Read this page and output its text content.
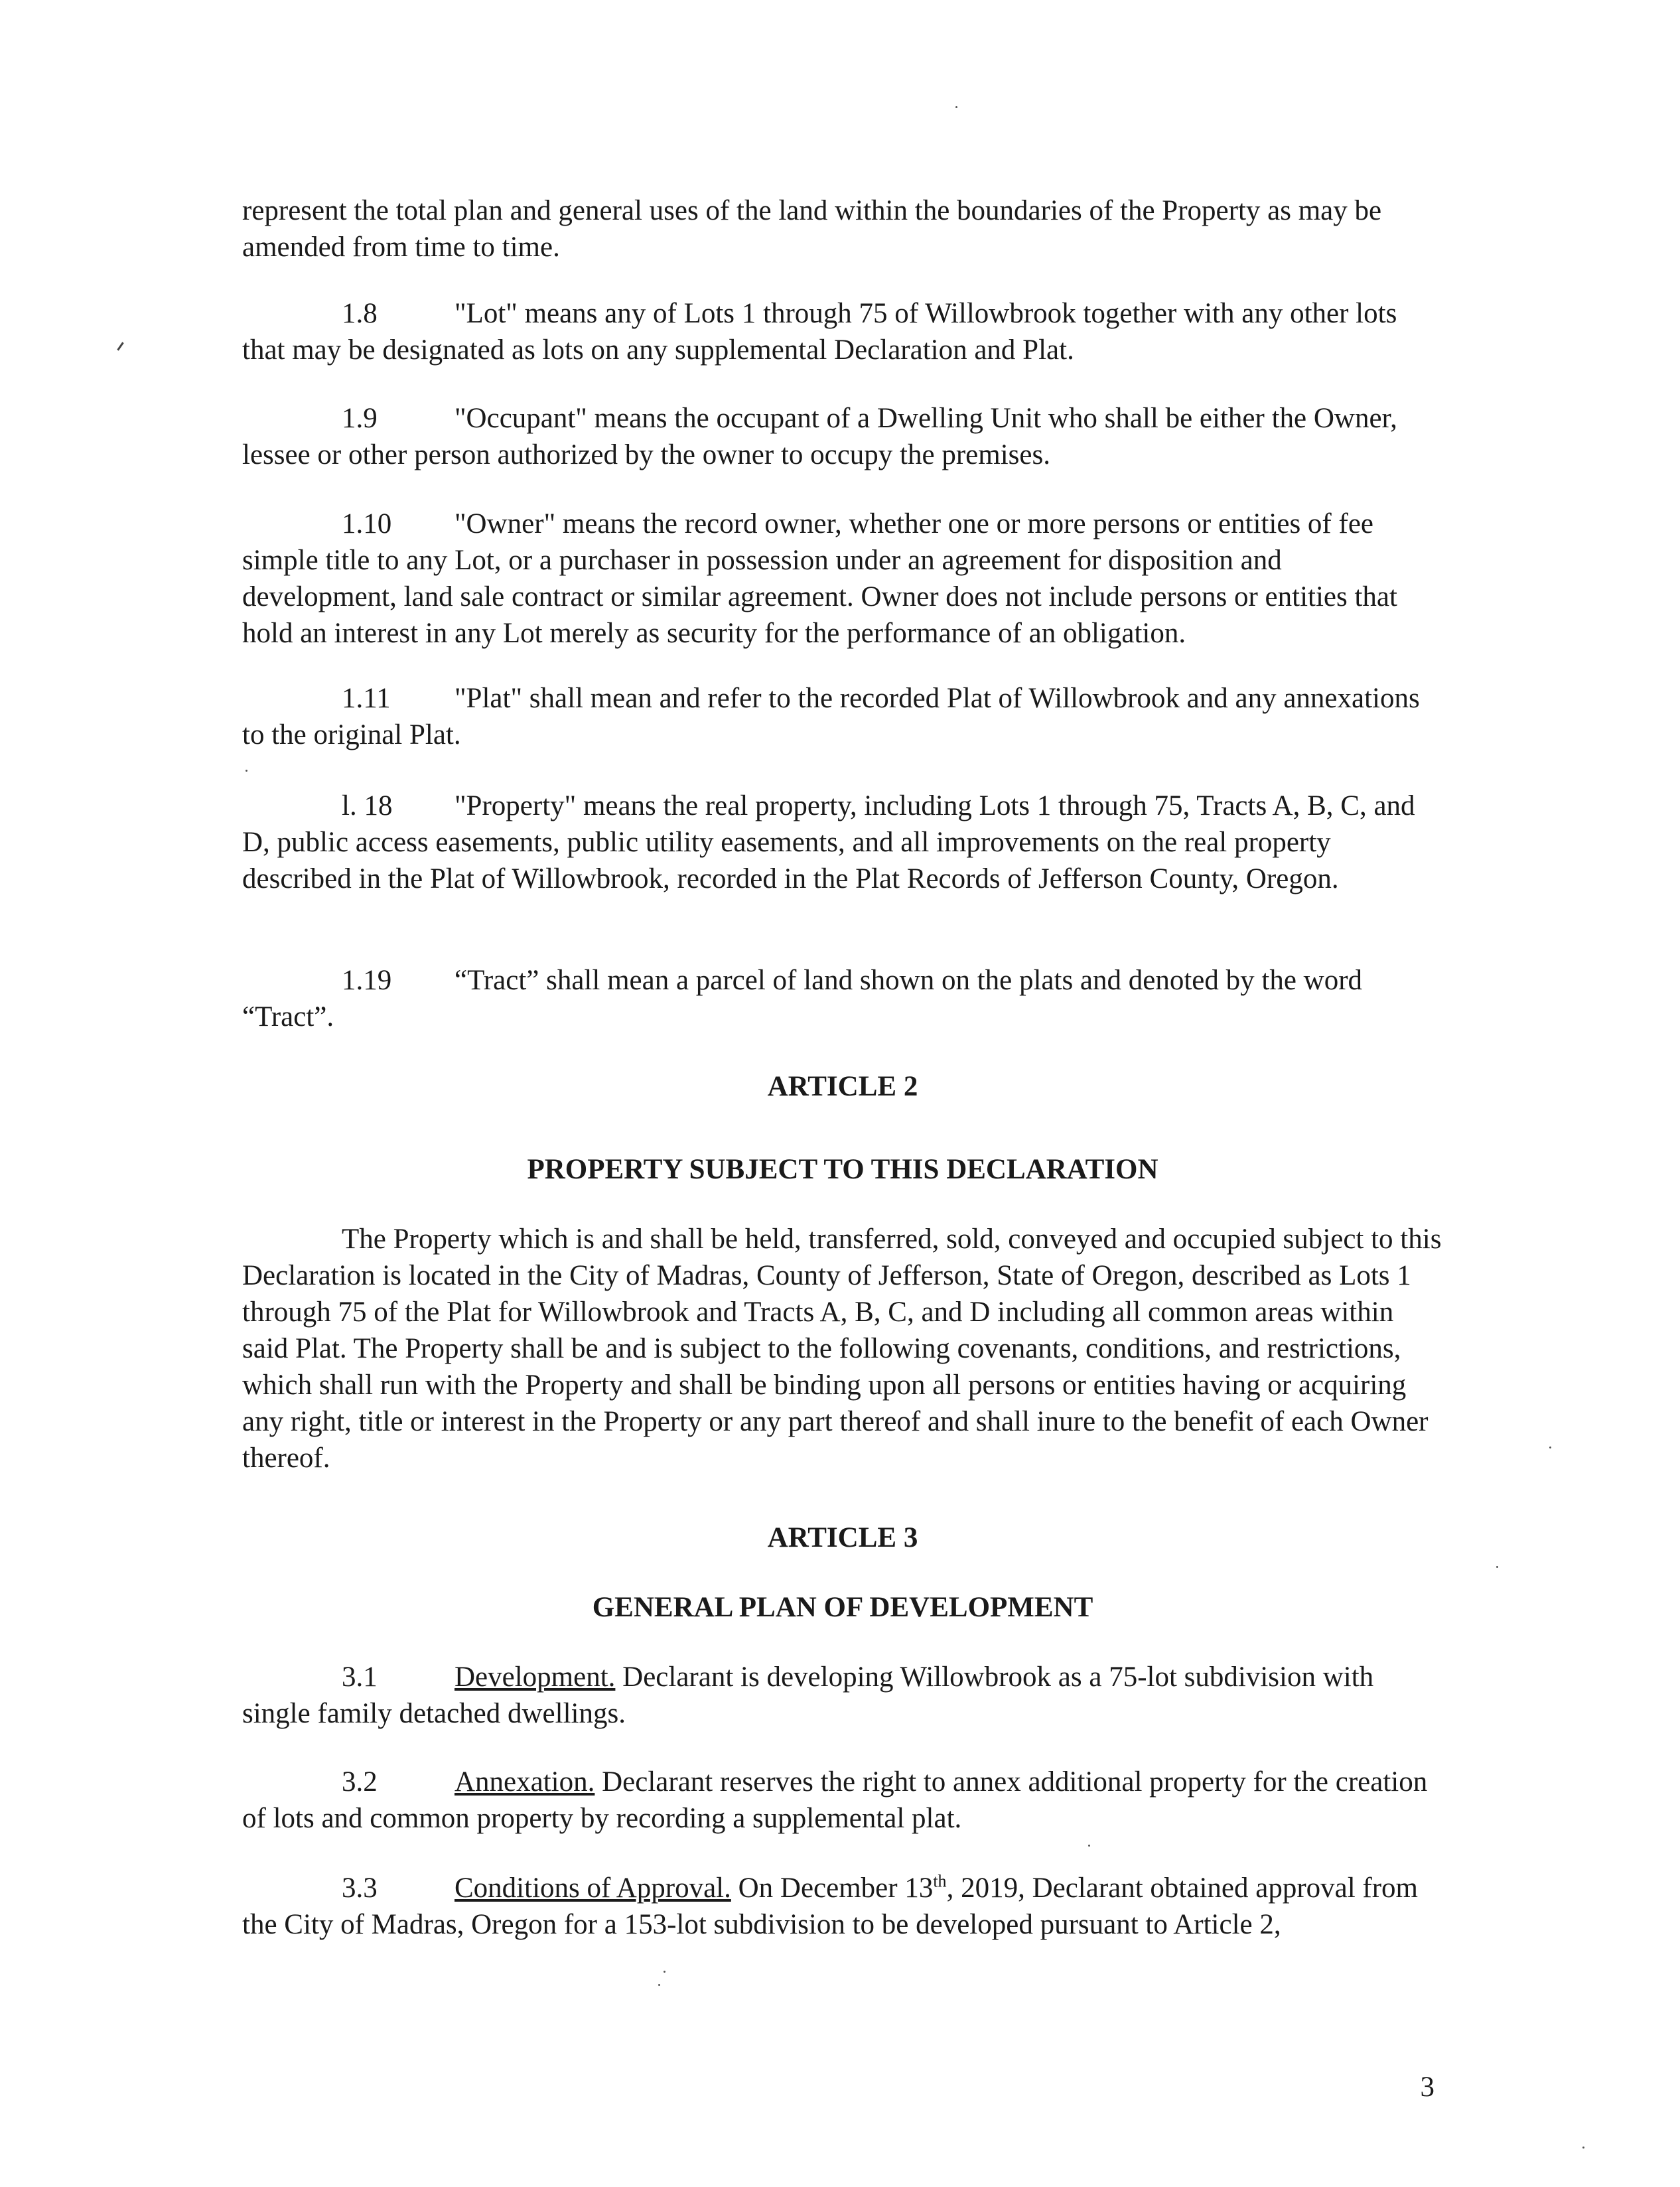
represent the total plan and general uses of the land within the boundaries of the Property as may be amended from time to time.

1.8	"Lot" means any of Lots 1 through 75 of Willowbrook together with any other lots that may be designated as lots on any supplemental Declaration and Plat.

1.9	"Occupant" means the occupant of a Dwelling Unit who shall be either the Owner, lessee or other person authorized by the owner to occupy the premises.

1.10 "Owner" means the record owner, whether one or more persons or entities of fee simple title to any Lot, or a purchaser in possession under an agreement for disposition and development, land sale contract or similar agreement. Owner does not include persons or entities that hold an interest in any Lot merely as security for the performance of an obligation.

1.11 "Plat" shall mean and refer to the recorded Plat of Willowbrook and any annexations to the original Plat.

l. 18 "Property" means the real property, including Lots 1 through 75, Tracts A, B, C, and D, public access easements, public utility easements, and all improvements on the real property described in the Plat of Willowbrook, recorded in the Plat Records of Jefferson County, Oregon.

1.19 “Tract” shall mean a parcel of land shown on the plats and denoted by the word “Tract”.

ARTICLE 2

PROPERTY SUBJECT TO THIS DECLARATION

The Property which is and shall be held, transferred, sold, conveyed and occupied subject to this Declaration is located in the City of Madras, County of Jefferson, State of Oregon, described as Lots 1 through 75 of the Plat for Willowbrook and Tracts A, B, C, and D including all common areas within said Plat. The Property shall be and is subject to the following covenants, conditions, and restrictions, which shall run with the Property and shall be binding upon all persons or entities having or acquiring any right, title or interest in the Property or any part thereof and shall inure to the benefit of each Owner thereof.

ARTICLE 3

GENERAL PLAN OF DEVELOPMENT

3.1	Development. Declarant is developing Willowbrook as a 75-lot subdivision with single family detached dwellings.

3.2	Annexation. Declarant reserves the right to annex additional property for the creation of lots and common property by recording a supplemental plat.

3.3	Conditions of Approval. On December 13th, 2019, Declarant obtained approval from the City of Madras, Oregon for a 153-lot subdivision to be developed pursuant to Article 2,

3
